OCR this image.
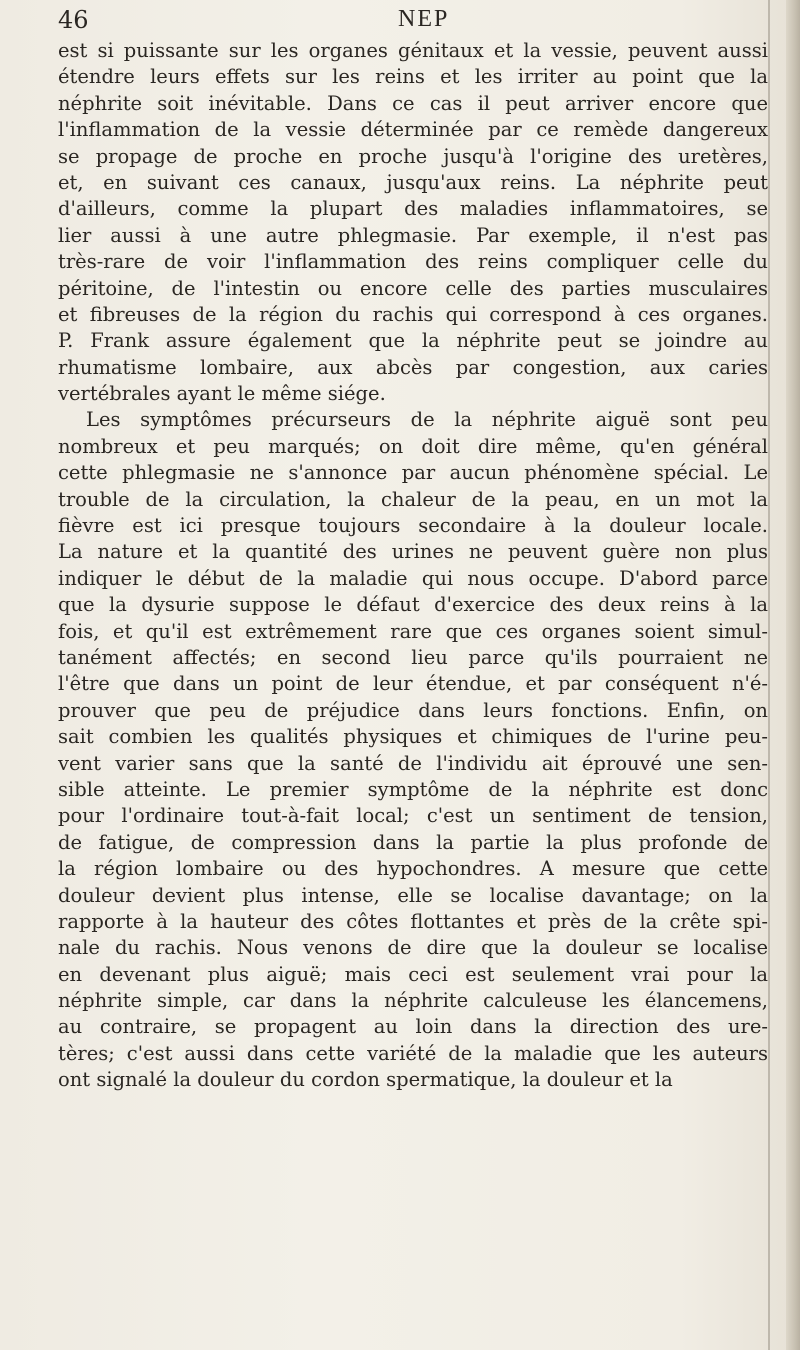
46	NEP
est si puissante sur les organes génitaux et la vessie, peuvent aussi
étendre leurs effets sur les reins et les irriter au point que la
néphrite soit inévitable. Dans ce cas il peut arriver encore que
l'inflammation de la vessie déterminée par ce remède dangereux
se propage de proche en proche jusqu'à l'origine des uretères,
et, en suivant ces canaux, jusqu'aux reins. La néphrite peut
d'ailleurs, comme la plupart des maladies inflammatoires, se
lier aussi à une autre phlegmasie. Par exemple, il n'est pas
très-rare de voir l'inflammation des reins compliquer celle du
péritoine, de l'intestin ou encore celle des parties musculaires
et fibreuses de la région du rachis qui correspond à ces organes.
P. Frank assure également que la néphrite peut se joindre au
rhumatisme lombaire, aux abcès par congestion, aux caries
vertébrales ayant le même siége.
Les symptômes précurseurs de la néphrite aiguë sont peu
nombreux et peu marqués; on doit dire même, qu'en général
cette phlegmasie ne s'annonce par aucun phénomène spécial. Le
trouble de la circulation, la chaleur de la peau, en un mot la
fièvre est ici presque toujours secondaire à la douleur locale.
La nature et la quantité des urines ne peuvent guère non plus
indiquer le début de la maladie qui nous occupe. D'abord parce
que la dysurie suppose le défaut d'exercice des deux reins à la
fois, et qu'il est extrêmement rare que ces organes soient simul-
tanément affectés; en second lieu parce qu'ils pourraient ne
l'être que dans un point de leur étendue, et par conséquent n'é-
prouver que peu de préjudice dans leurs fonctions. Enfin, on
sait combien les qualités physiques et chimiques de l'urine peu-
vent varier sans que la santé de l'individu ait éprouvé une sen-
sible atteinte. Le premier symptôme de la néphrite est donc
pour l'ordinaire tout-à-fait local; c'est un sentiment de tension,
de fatigue, de compression dans la partie la plus profonde de
la région lombaire ou des hypochondres. A mesure que cette
douleur devient plus intense, elle se localise davantage; on la
rapporte à la hauteur des côtes flottantes et près de la crête spi-
nale du rachis. Nous venons de dire que la douleur se localise
en devenant plus aiguë; mais ceci est seulement vrai pour la
néphrite simple, car dans la néphrite calculeuse les élancemens,
au contraire, se propagent au loin dans la direction des ure-
tères; c'est aussi dans cette variété de la maladie que les auteurs
ont signalé la douleur du cordon spermatique, la douleur et la
